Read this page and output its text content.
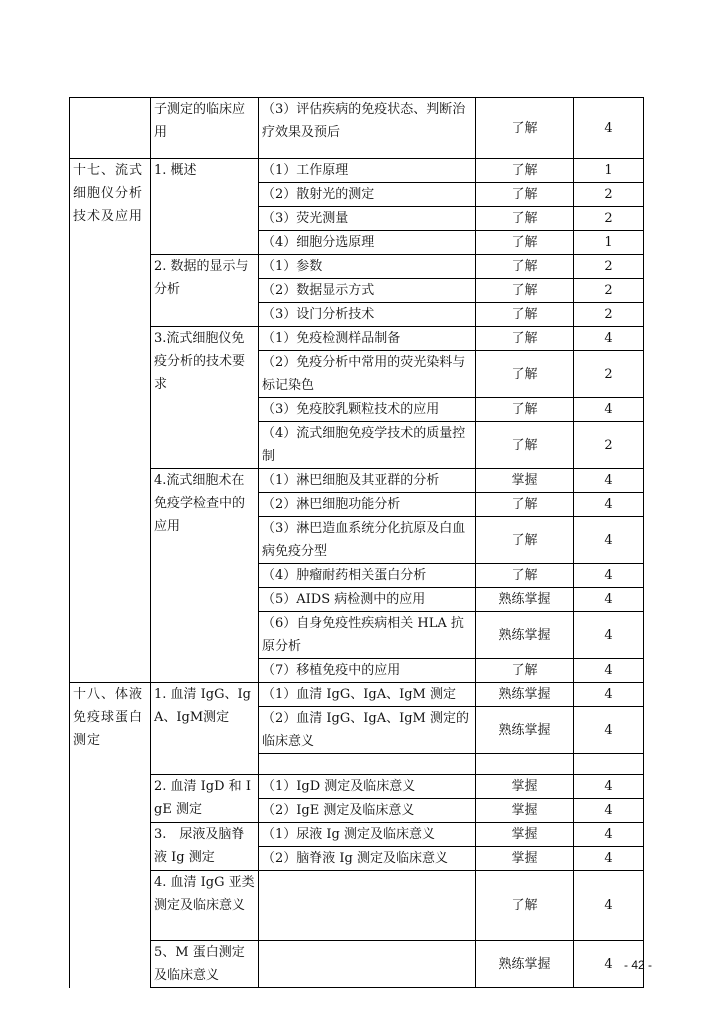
	子测定的临床应用	（3）评估疾病的免疫状态、判断治疗效果及预后	了解	4
十七、流式细胞仪分析技术及应用	1. 概述	（1）工作原理	了解	1
		（2）散射光的测定	了解	2
		（3）荧光测量	了解	2
		（4）细胞分选原理	了解	1
	2. 数据的显示与分析	（1）参数	了解	2
		（2）数据显示方式	了解	2
		（3）设门分析技术	了解	2
	3.流式细胞仪免疫分析的技术要求	（1）免疫检测样品制备	了解	4
		（2）免疫分析中常用的荧光染料与标记染色	了解	2
		（3）免疫胶乳颗粒技术的应用	了解	4
		（4）流式细胞免疫学技术的质量控制	了解	2
	4.流式细胞术在免疫学检查中的应用	（1）淋巴细胞及其亚群的分析	掌握	4
		（2）淋巴细胞功能分析	了解	4
		（3）淋巴造血系统分化抗原及白血病免疫分型	了解	4
		（4）肿瘤耐药相关蛋白分析	了解	4
		（5）AIDS 病检测中的应用	熟练掌握	4
		（6）自身免疫性疾病相关 HLA 抗原分析	熟练掌握	4
		（7）移植免疫中的应用	了解	4
十八、体液免疫球蛋白测定	1. 血清 IgG、IgA、IgM测定	（1）血清 IgG、IgA、IgM 测定	熟练掌握	4
		（2）血清 IgG、IgA、IgM 测定的临床意义	熟练掌握	4

	2. 血清 IgD 和 IgE 测定	（1）IgD 测定及临床意义	掌握	4
		（2）IgE 测定及临床意义	掌握	4
	3.　尿液及脑脊液 Ig 测定	（1）尿液 Ig 测定及临床意义	掌握	4
		（2）脑脊液 Ig 测定及临床意义	掌握	4
	4. 血清 IgG 亚类测定及临床意义		了解	4
	5、M 蛋白测定及临床意义		熟练掌握	4 - 42 -
